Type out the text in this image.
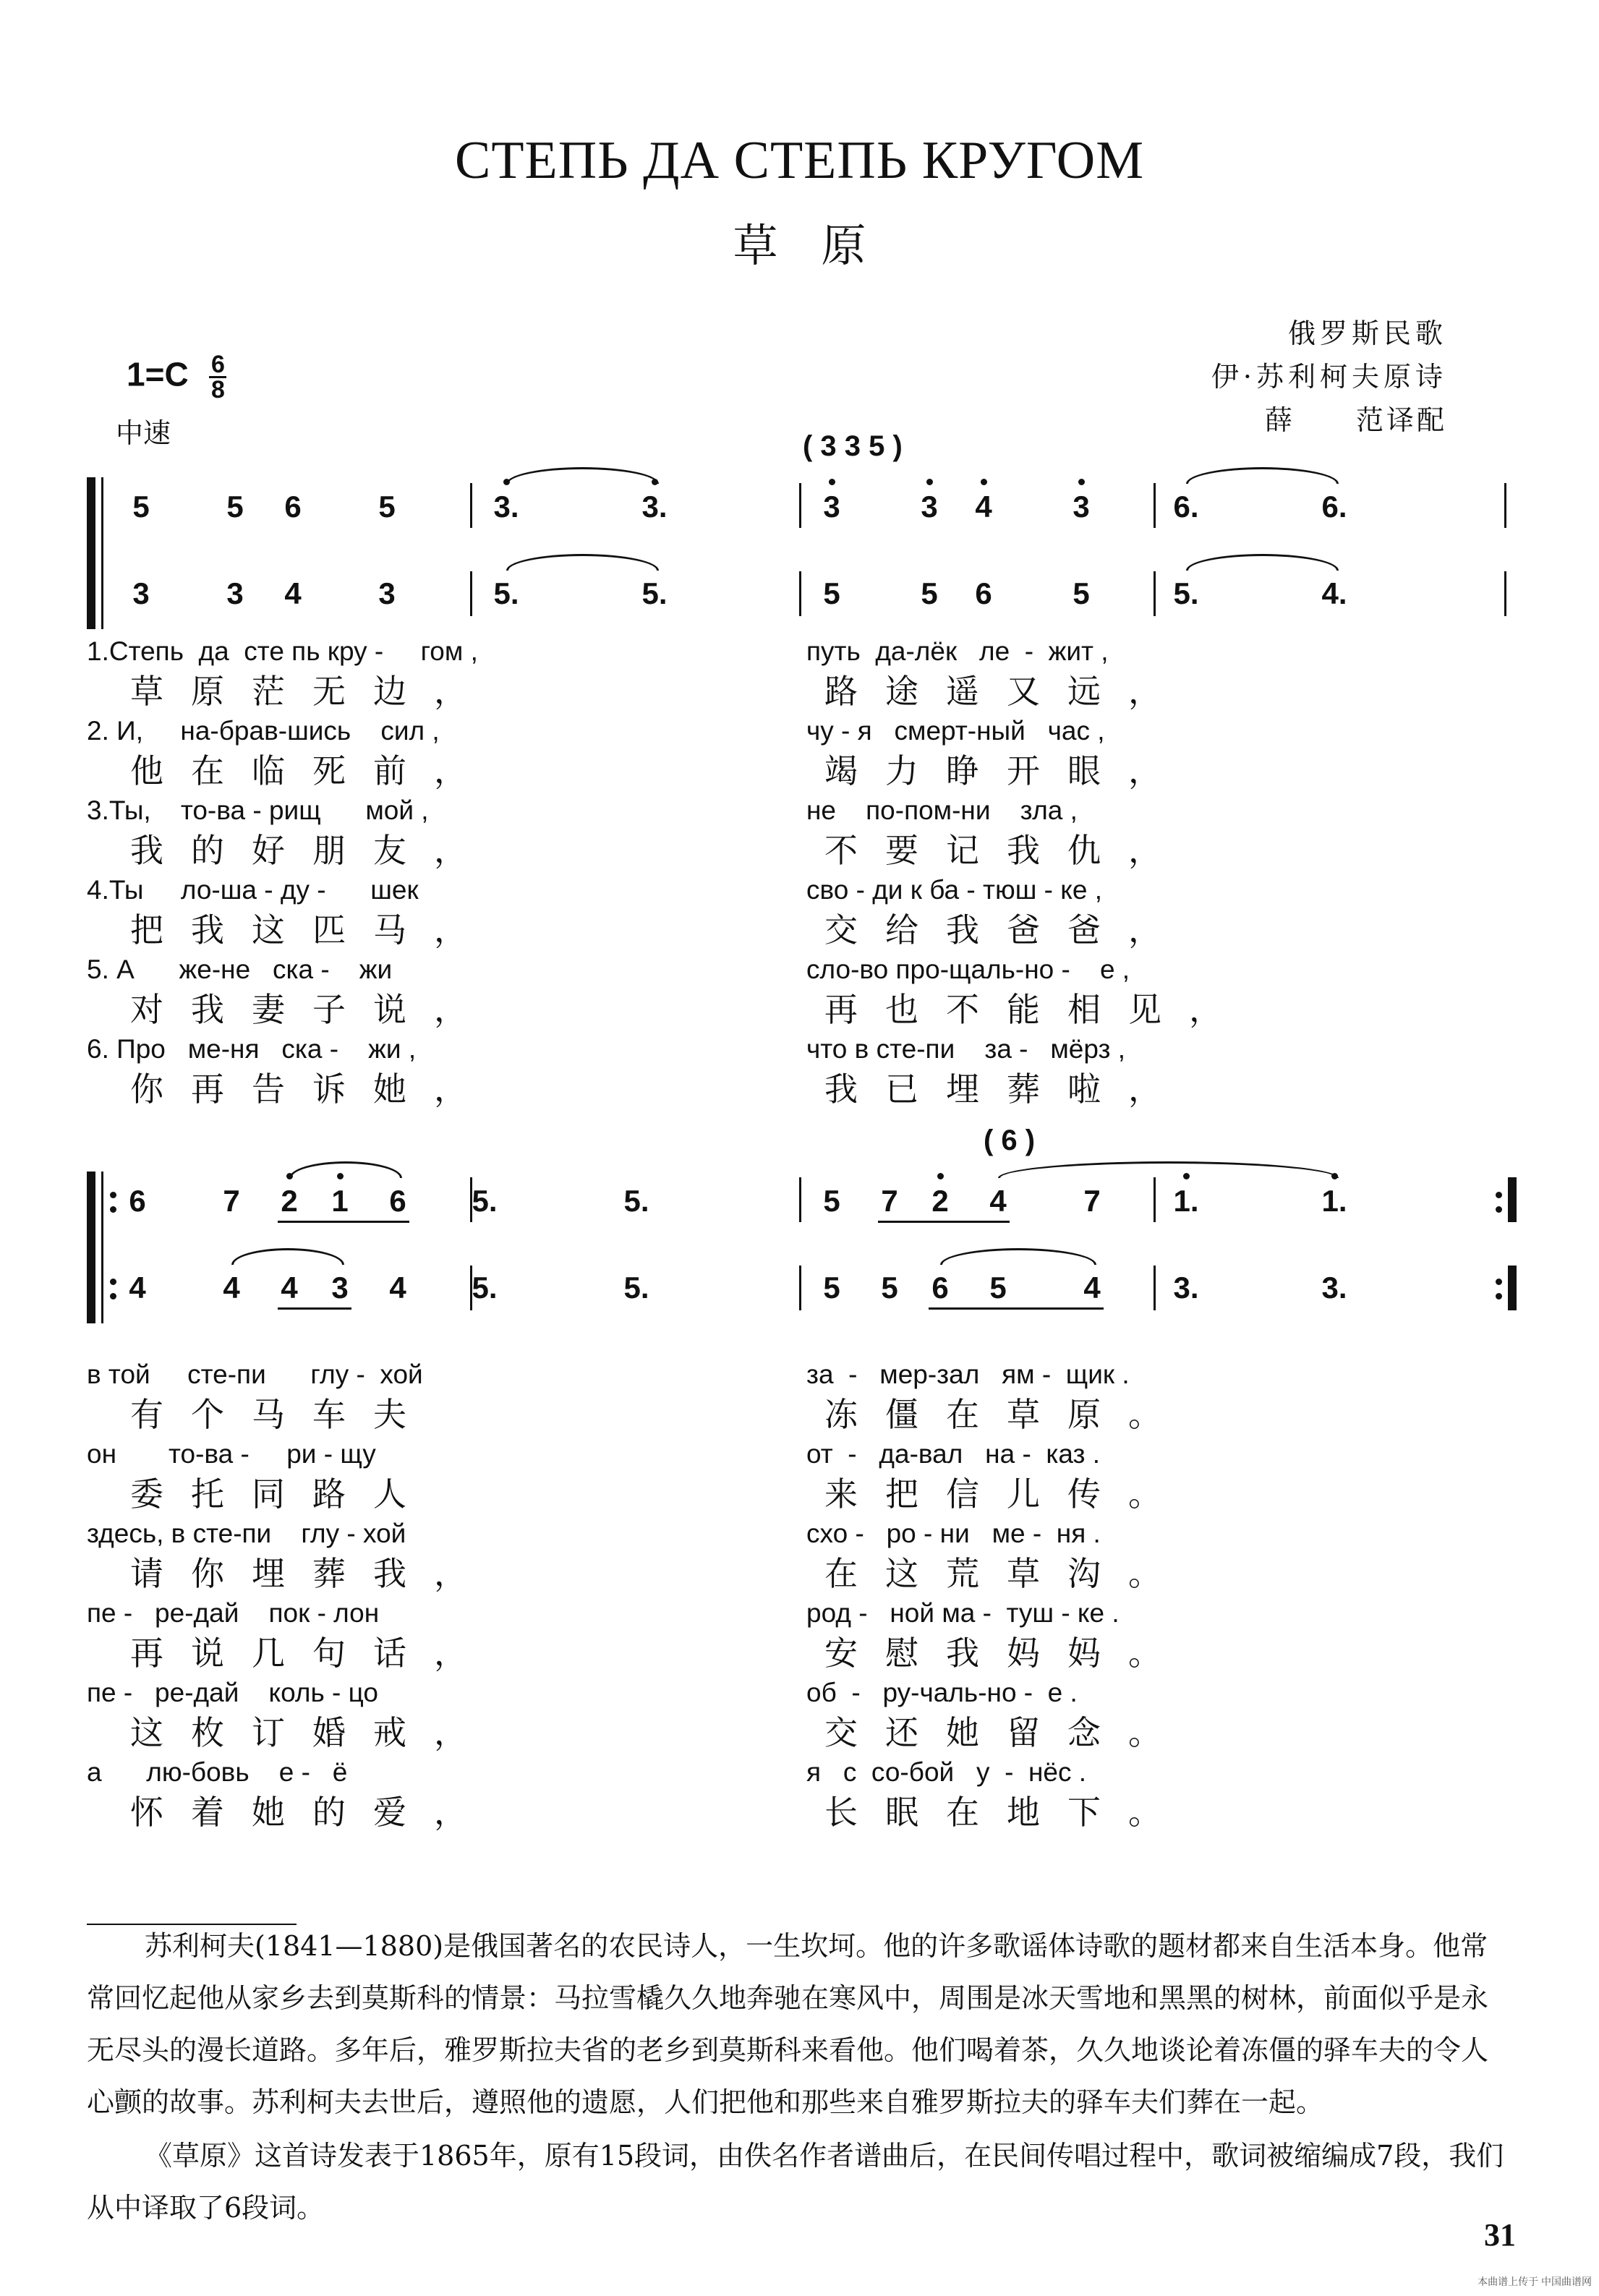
СТЕПЬ ДА СТЕПЬ КРУГОМ
草原
俄罗斯民歌
伊·苏利柯夫原诗
薛　　范译配
$1=C \frac{6}{8}$
中速
5	5 6	5	3.	3.	3	3 4	3	6.	6.
3	3 4	3	5.	5.	5	5 6	5	5.	4.
( 3 3 5 )
6	7 2 1 6 5.	5.	5 7 2 4	7 1.	1.
4	4 4 3 4 5.	5.	5 5 6 5	4 3.	3.
( 6 )
1.Степь  да  сте пь кру -     гом ,	путь  да-лёк   ле  -  жит ,
草原茫无边，	路途遥又远，
2. И,     на-брав-шись    сил ,	чу - я   смерт-ный   час ,
他在临死前，	竭力睁开眼，
3.Ты,    то-ва - рищ      мой ,	не    по-пом-ни    зла ,
我的好朋友，	不要记我仇，
4.Ты     ло-ша - ду -      шек	сво - ди к ба - тюш - ке ,
把我这匹马，	交给我爸爸，
5. А      же-не   ска -    жи	сло-во про-щаль-но -    е ,
对我妻子说，	再也不能相见，
6. Про   ме-ня   ска -    жи ,	что в сте-пи    за -   мёрз ,
你再告诉她，	我已埋葬啦，
в той     сте-пи      глу -  хой	за  -   мер-зал   ям -  щик .
有个马车夫	冻僵在草原。
он       то-ва -     ри - щу	от  -   да-вал   на -  каз .
委托同路人	来把信儿传。
здесь, в сте-пи    глу - хой	схо -   ро - ни   ме -  ня .
请你埋葬我，	在这荒草沟。
пе -   ре-дай    пок - лон	род -   ной ма -  туш - ке .
再说几句话，	安慰我妈妈。
пе -   ре-дай    коль - цо	об  -   ру-чаль-но -  е .
这枚订婚戒，	交还她留念。
а      лю-бовь    е -   ё	я   с  со-бой   у  -  нёс .
怀着她的爱，	长眠在地下。
苏利柯夫(1841—1880)是俄国著名的农民诗人，一生坎坷。他的许多歌谣体诗歌的题材都来自生活本身。他常常回忆起他从家乡去到莫斯科的情景：马拉雪橇久久地奔驰在寒风中，周围是冰天雪地和黑黑的树林，前面似乎是永无尽头的漫长道路。多年后，雅罗斯拉夫省的老乡到莫斯科来看他。他们喝着茶，久久地谈论着冻僵的驿车夫的令人心颤的故事。苏利柯夫去世后，遵照他的遗愿，人们把他和那些来自雅罗斯拉夫的驿车夫们葬在一起。
《草原》这首诗发表于1865年，原有15段词，由佚名作者谱曲后，在民间传唱过程中，歌词被缩编成7段，我们从中译取了6段词。
31
本曲谱上传于 中国曲谱网
